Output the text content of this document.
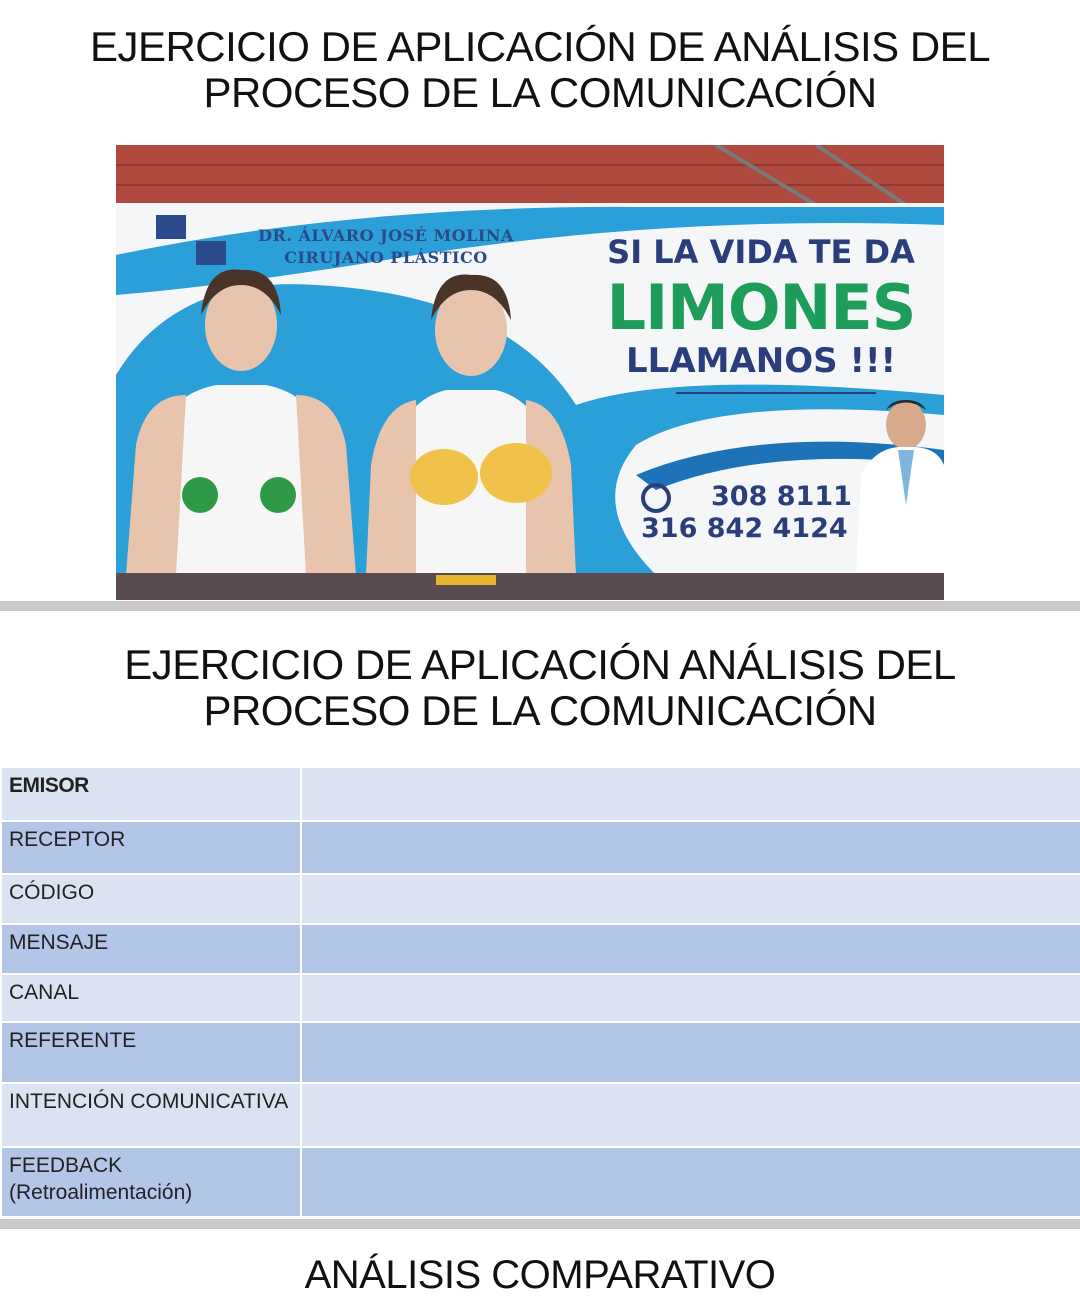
EJERCICIO DE APLICACIÓN DE ANÁLISIS DEL
PROCESO DE LA COMUNICACIÓN
DR. ÁLVARO JOSÉ MOLINA
CIRUJANO PLÁSTICO	SI LA VIDA TE DA
LIMONES
LLAMANOS !!!
308 8111
316 842 4124
EJERCICIO DE APLICACIÓN ANÁLISIS DEL
PROCESO DE LA COMUNICACIÓN
EMISOR	
RECEPTOR	
CÓDIGO	
MENSAJE	
CANAL	
REFERENTE	
INTENCIÓN COMUNICATIVA	

FEEDBACK
(Retroalimentación)	

ANÁLISIS COMPARATIVO
